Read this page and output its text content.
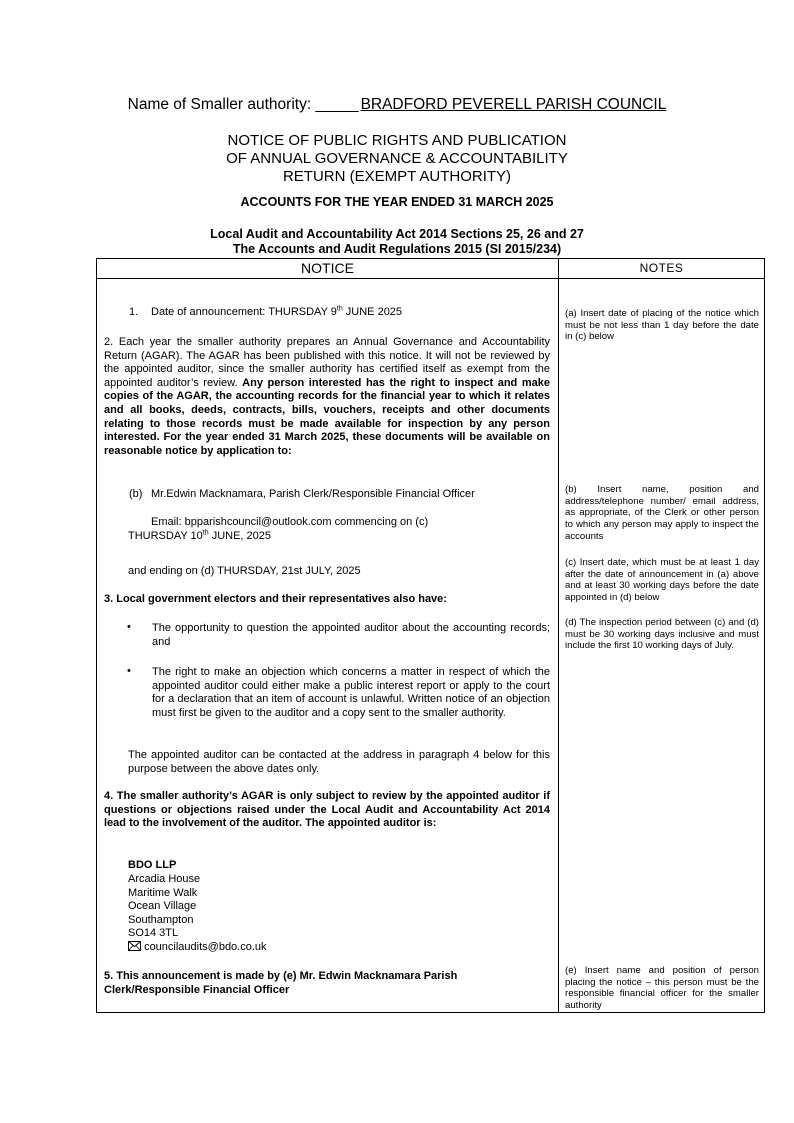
Name of Smaller authority: _____ BRADFORD PEVERELL PARISH COUNCIL
NOTICE OF PUBLIC RIGHTS AND PUBLICATION
OF ANNUAL GOVERNANCE & ACCOUNTABILITY
RETURN (EXEMPT AUTHORITY)
ACCOUNTS FOR THE YEAR ENDED 31 MARCH 2025
Local Audit and Accountability Act 2014 Sections 25, 26 and 27
The Accounts and Audit Regulations 2015 (SI 2015/234)
NOTICE	NOTES
1. Date of announcement: THURSDAY 9th JUNE 2025
2. Each year the smaller authority prepares an Annual Governance and Accountability Return (AGAR). The AGAR has been published with this notice. It will not be reviewed by the appointed auditor, since the smaller authority has certified itself as exempt from the appointed auditor’s review. Any person interested has the right to inspect and make copies of the AGAR, the accounting records for the financial year to which it relates and all books, deeds, contracts, bills, vouchers, receipts and other documents relating to those records must be made available for inspection by any person interested. For the year ended 31 March 2025, these documents will be available on reasonable notice by application to:
(b) Mr.Edwin Macknamara, Parish Clerk/Responsible Financial Officer
Email: bpparishcouncil@outlook.com commencing on (c)
THURSDAY 10th JUNE, 2025
and ending on (d) THURSDAY, 21st JULY, 2025
3. Local government electors and their representatives also have:
• The opportunity to question the appointed auditor about the accounting records; and
• The right to make an objection which concerns a matter in respect of which the appointed auditor could either make a public interest report or apply to the court for a declaration that an item of account is unlawful. Written notice of an objection must first be given to the auditor and a copy sent to the smaller authority.
The appointed auditor can be contacted at the address in paragraph 4 below for this purpose between the above dates only.
4. The smaller authority’s AGAR is only subject to review by the appointed auditor if questions or objections raised under the Local Audit and Accountability Act 2014 lead to the involvement of the auditor. The appointed auditor is:
BDO LLP
Arcadia House
Maritime Walk
Ocean Village
Southampton
SO14 3TL
councilaudits@bdo.co.uk
5. This announcement is made by (e) Mr. Edwin Macknamara Parish Clerk/Responsible Financial Officer
(a) Insert date of placing of the notice which must be not less than 1 day before the date in (c) below
(b) Insert name, position and address/telephone number/ email address, as appropriate, of the Clerk or other person to which any person may apply to inspect the accounts
(c) Insert date, which must be at least 1 day after the date of announcement in (a) above and at least 30 working days before the date appointed in (d) below
(d) The inspection period between (c) and (d) must be 30 working days inclusive and must include the first 10 working days of July.
(e) Insert name and position of person placing the notice – this person must be the responsible financial officer for the smaller authority
